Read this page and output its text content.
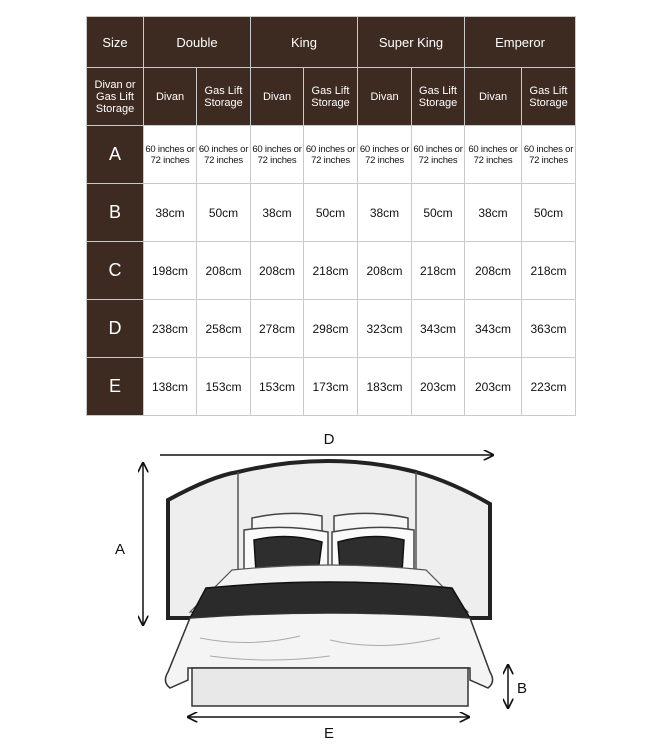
Size	Double		King		Super King		Emperor	
Divan or Gas Lift Storage	Divan	Gas Lift Storage	Divan	Gas Lift Storage	Divan	Gas Lift Storage	Divan	Gas Lift Storage
A	60 inches or 72 inches	60 inches or 72 inches	60 inches or 72 inches	60 inches or 72 inches	60 inches or 72 inches	60 inches or 72 inches	60 inches or 72 inches	60 inches or 72 inches
B	38cm	50cm	38cm	50cm	38cm	50cm	38cm	50cm
C	198cm	208cm	208cm	218cm	208cm	218cm	208cm	218cm
D	238cm	258cm	278cm	298cm	323cm	343cm	343cm	363cm
E	138cm	153cm	153cm	173cm	183cm	203cm	203cm	223cm
D
A
B
E
